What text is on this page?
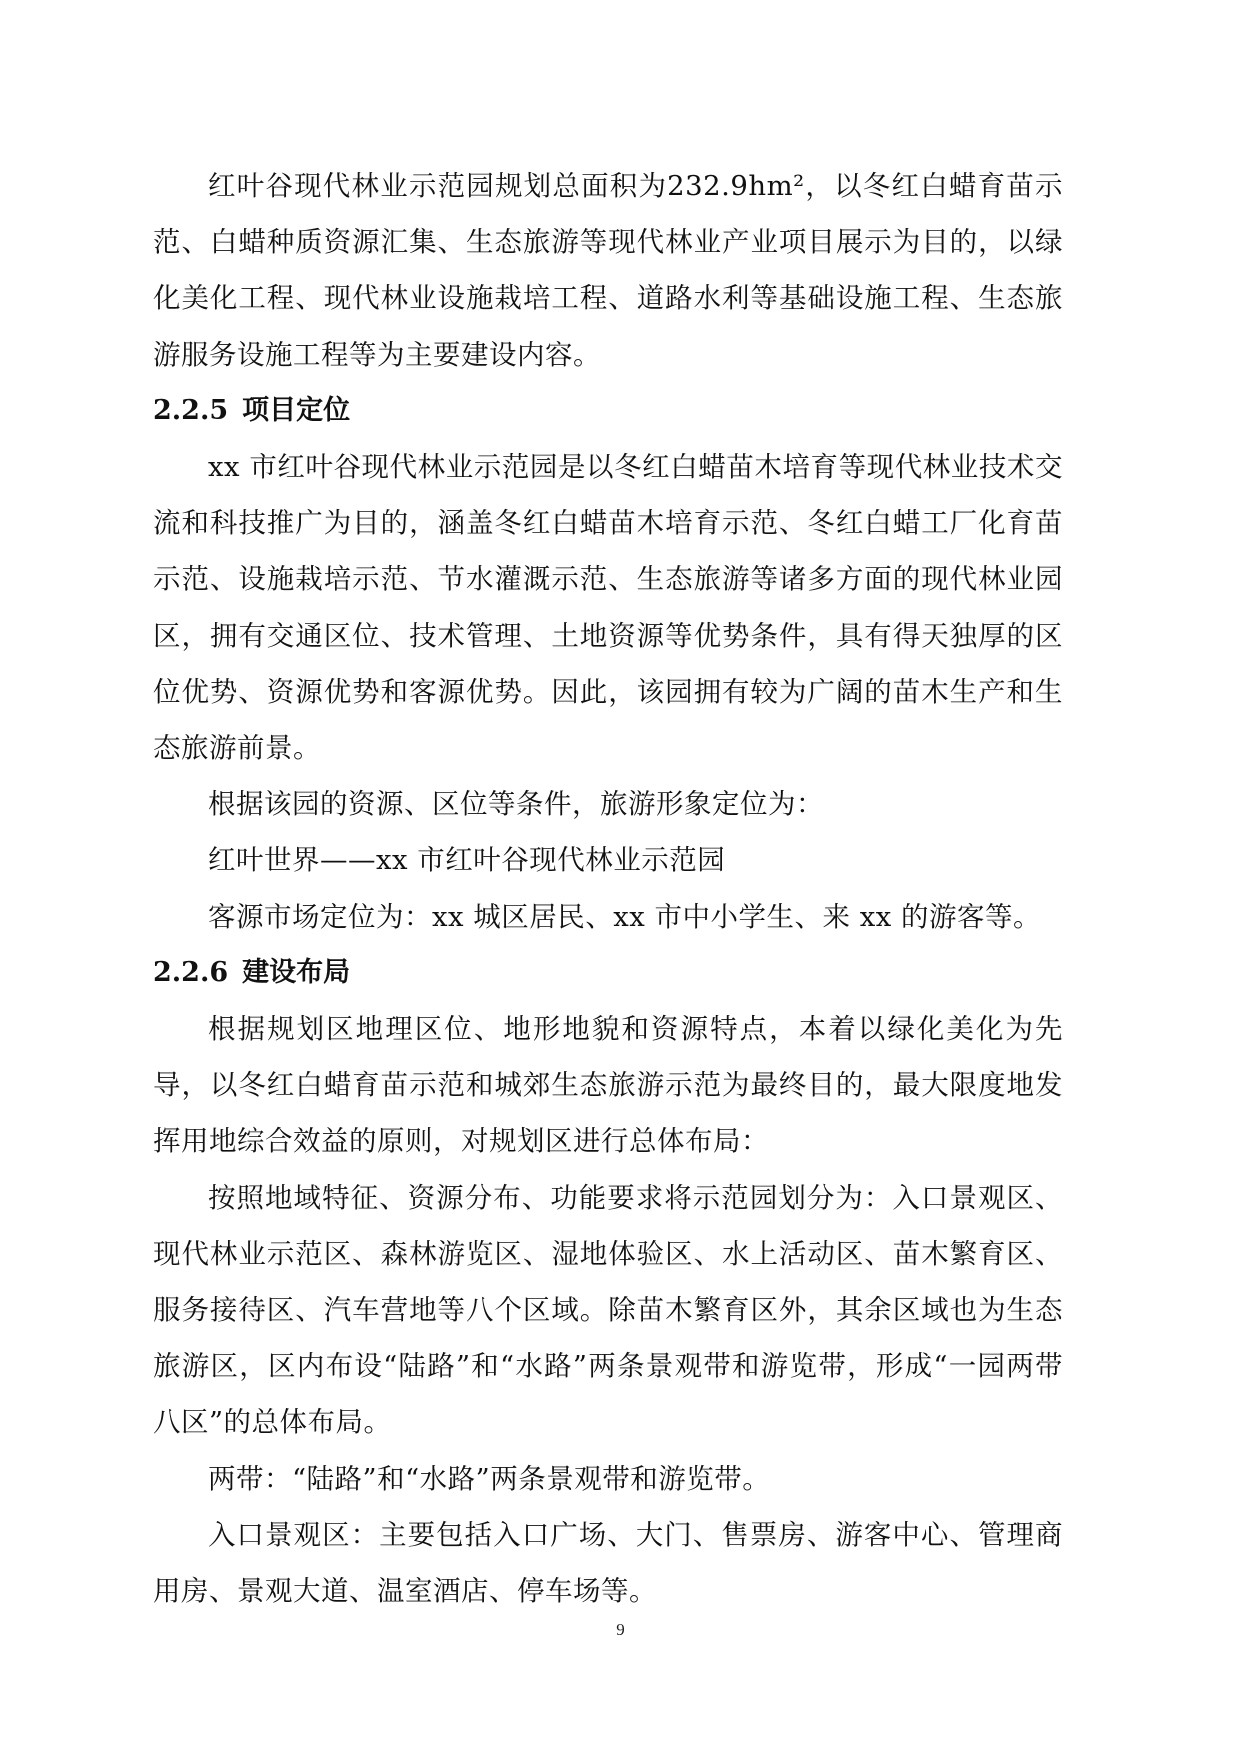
红叶谷现代林业示范园规划总面积为232.9hm²，以冬红白蜡育苗示范、白蜡种质资源汇集、生态旅游等现代林业产业项目展示为目的，以绿化美化工程、现代林业设施栽培工程、道路水利等基础设施工程、生态旅游服务设施工程等为主要建设内容。

2.2.5 项目定位

xx 市红叶谷现代林业示范园是以冬红白蜡苗木培育等现代林业技术交流和科技推广为目的，涵盖冬红白蜡苗木培育示范、冬红白蜡工厂化育苗示范、设施栽培示范、节水灌溉示范、生态旅游等诸多方面的现代林业园区，拥有交通区位、技术管理、土地资源等优势条件，具有得天独厚的区位优势、资源优势和客源优势。因此，该园拥有较为广阔的苗木生产和生态旅游前景。

根据该园的资源、区位等条件，旅游形象定位为：

红叶世界——xx 市红叶谷现代林业示范园

客源市场定位为：xx 城区居民、xx 市中小学生、来 xx 的游客等。

2.2.6 建设布局

根据规划区地理区位、地形地貌和资源特点，本着以绿化美化为先导，以冬红白蜡育苗示范和城郊生态旅游示范为最终目的，最大限度地发挥用地综合效益的原则，对规划区进行总体布局：

按照地域特征、资源分布、功能要求将示范园划分为：入口景观区、现代林业示范区、森林游览区、湿地体验区、水上活动区、苗木繁育区、服务接待区、汽车营地等八个区域。除苗木繁育区外，其余区域也为生态旅游区，区内布设“陆路”和“水路”两条景观带和游览带，形成“一园两带八区”的总体布局。

两带：“陆路”和“水路”两条景观带和游览带。

入口景观区：主要包括入口广场、大门、售票房、游客中心、管理商用房、景观大道、温室酒店、停车场等。

9
